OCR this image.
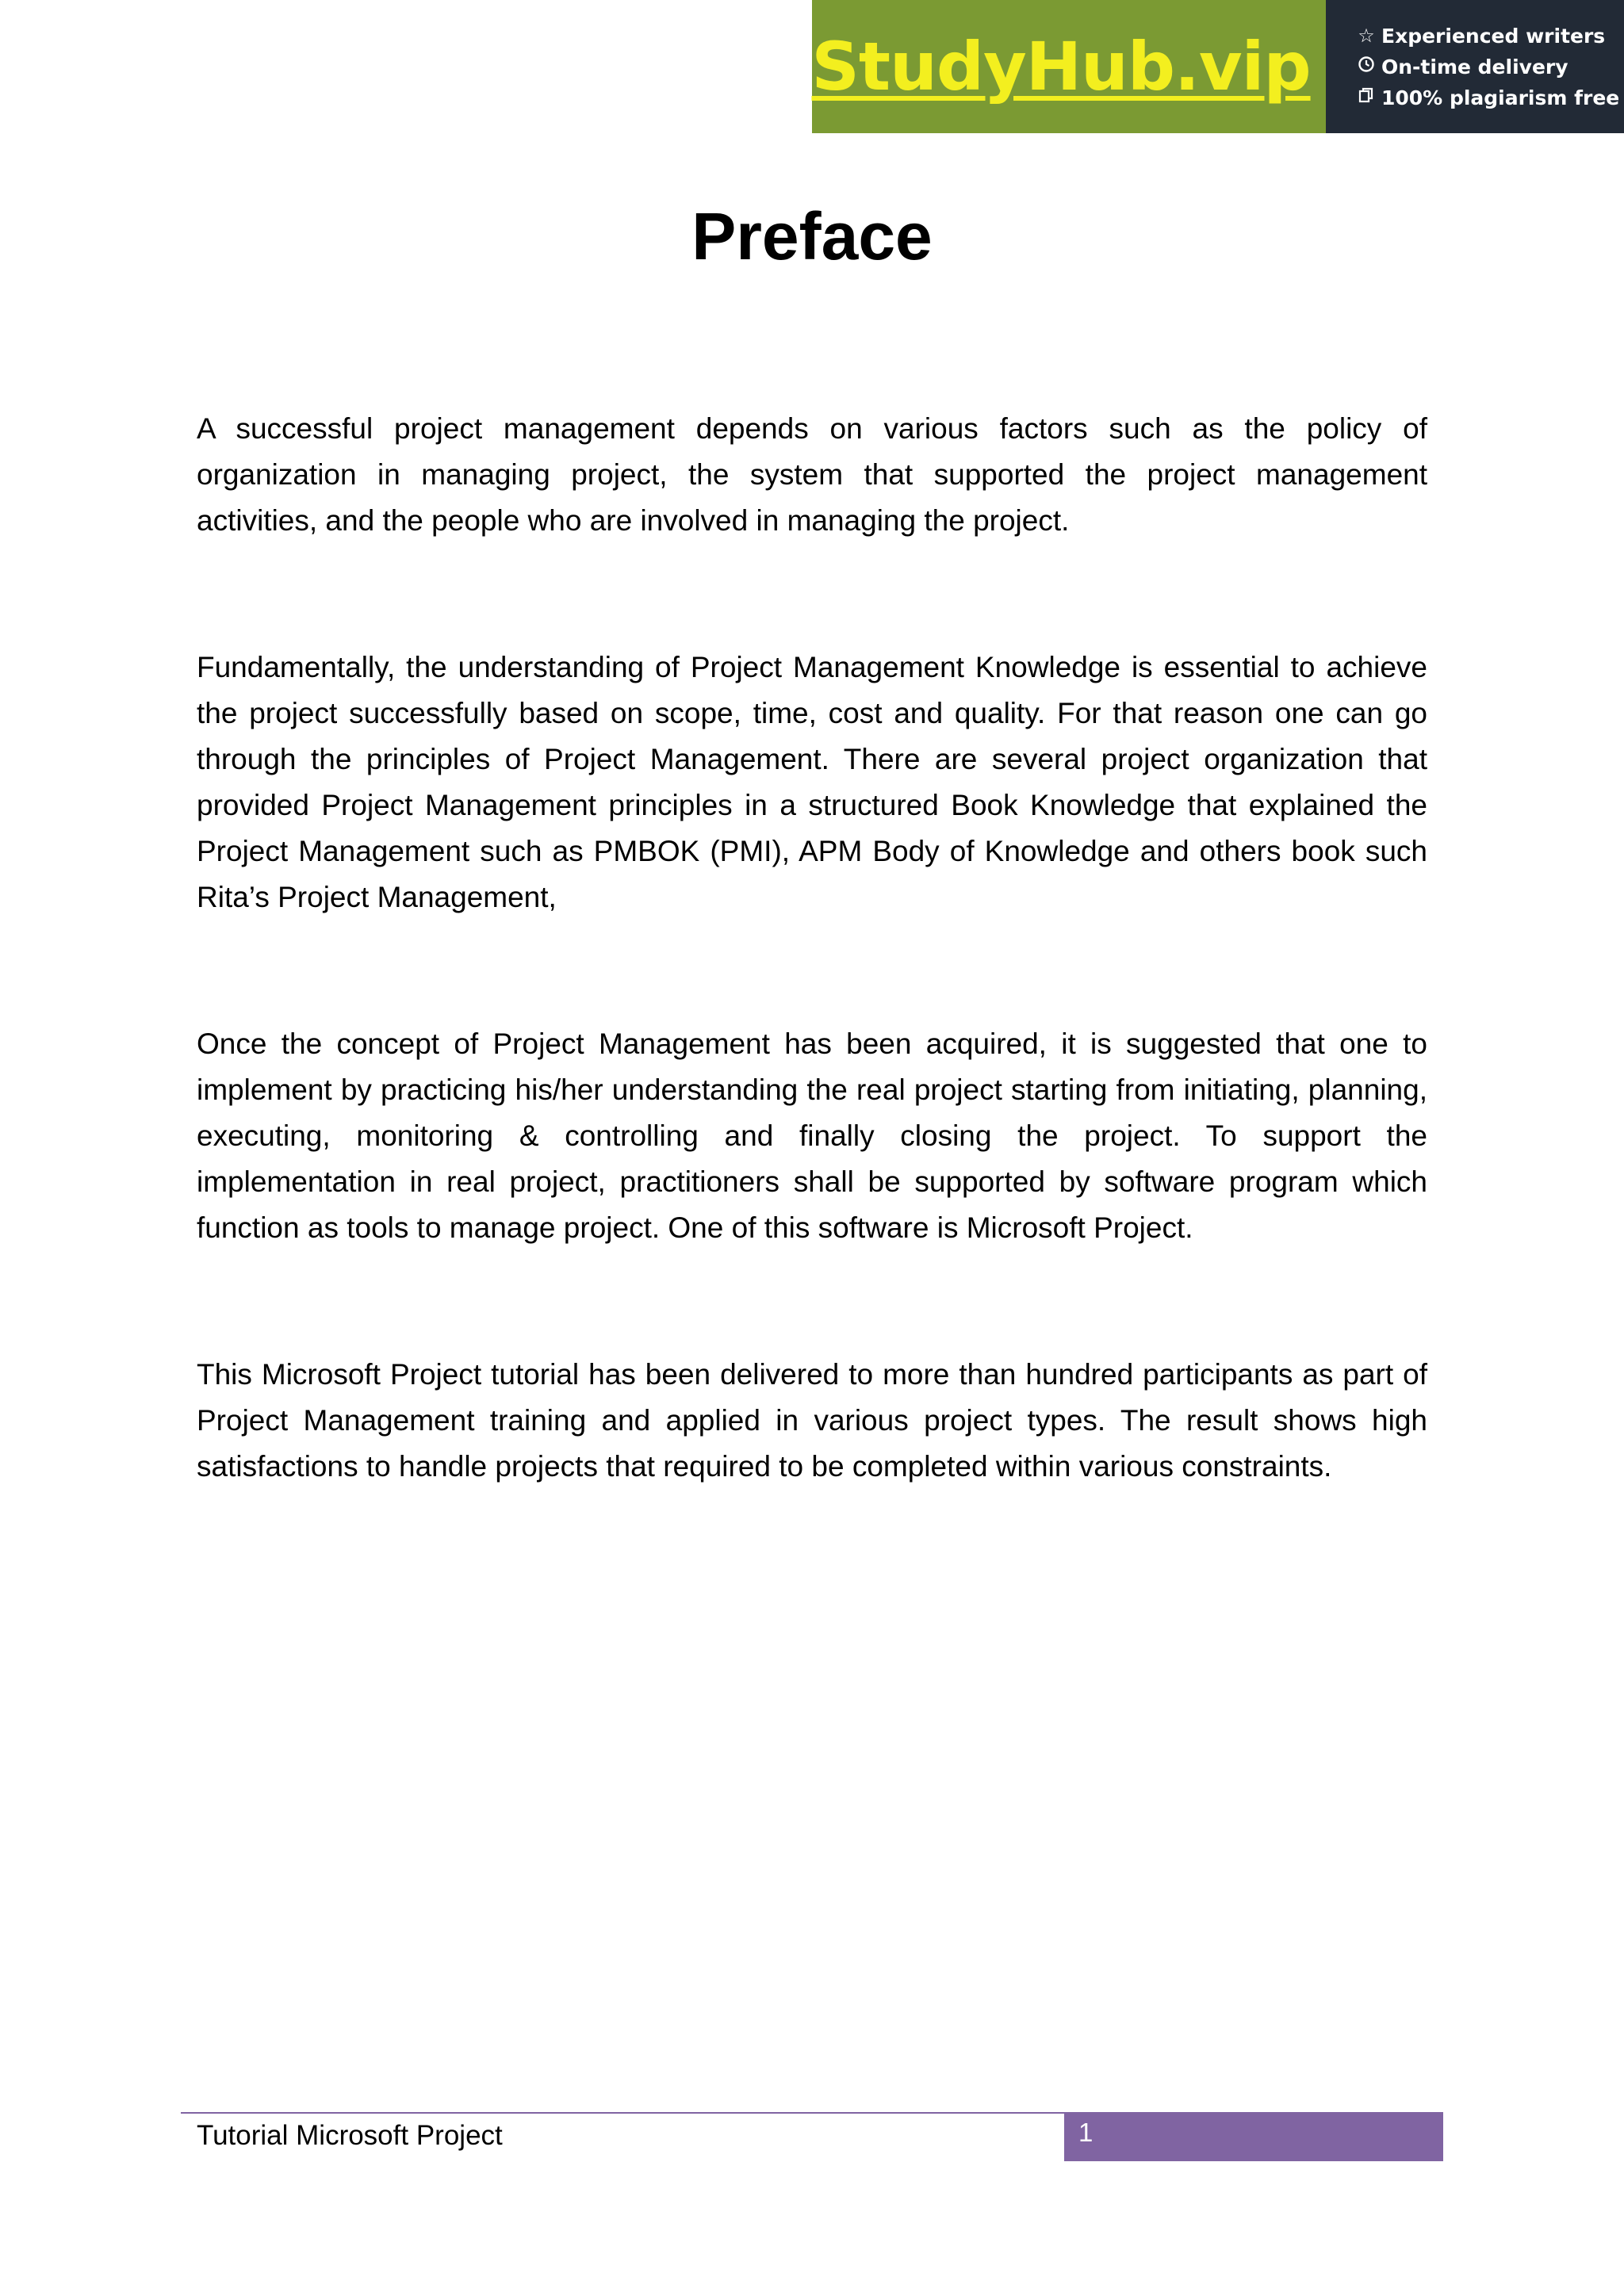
StudyHub.vip ☆ Experienced writers
On-time delivery
100% plagiarism free
Preface

A successful project management depends on various factors such as the policy of organization in managing project, the system that supported the project management activities, and the people who are involved in managing the project.

Fundamentally, the understanding of Project Management Knowledge is essential to achieve the project successfully based on scope, time, cost and quality. For that reason one can go through the principles of Project Management. There are several project organization that provided Project Management principles in a structured Book Knowledge that explained the Project Management such as PMBOK (PMI), APM Body of Knowledge and others book such Rita’s Project Management,

Once the concept of Project Management has been acquired, it is suggested that one to implement by practicing his/her understanding the real project starting from initiating, planning, executing, monitoring & controlling and finally closing the project. To support the implementation in real project, practitioners shall be supported by software program which function as tools to manage project. One of this software is Microsoft Project.

This Microsoft Project tutorial has been delivered to more than hundred participants as part of Project Management training and applied in various project types. The result shows high satisfactions to handle projects that required to be completed within various constraints.

Tutorial Microsoft Project	1
